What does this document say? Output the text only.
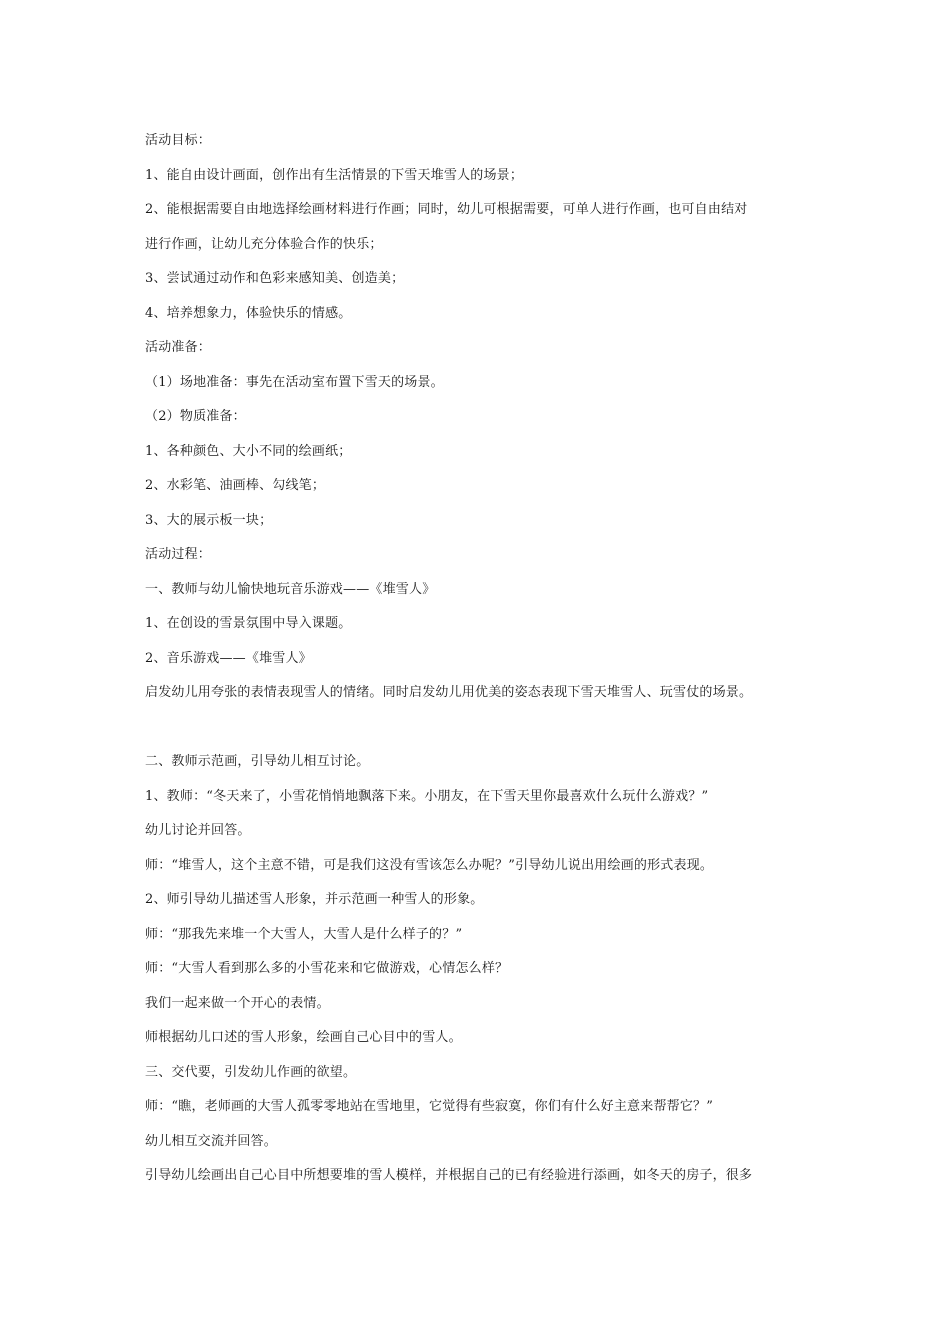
活动目标：
1、能自由设计画面，创作出有生活情景的下雪天堆雪人的场景；
2、能根据需要自由地选择绘画材料进行作画；同时，幼儿可根据需要，可单人进行作画，也可自由结对
进行作画，让幼儿充分体验合作的快乐；
3、尝试通过动作和色彩来感知美、创造美；
4、培养想象力，体验快乐的情感。
活动准备：
（1）场地准备：事先在活动室布置下雪天的场景。
（2）物质准备：
1、各种颜色、大小不同的绘画纸；
2、水彩笔、油画棒、勾线笔；
3、大的展示板一块；
活动过程：
一、教师与幼儿愉快地玩音乐游戏——《堆雪人》
1、在创设的雪景氛围中导入课题。
2、音乐游戏——《堆雪人》
启发幼儿用夸张的表情表现雪人的情绪。同时启发幼儿用优美的姿态表现下雪天堆雪人、玩雪仗的场景。
二、教师示范画，引导幼儿相互讨论。
1、教师：“冬天来了，小雪花悄悄地飘落下来。小朋友，在下雪天里你最喜欢什么玩什么游戏？”
幼儿讨论并回答。
师：“堆雪人，这个主意不错，可是我们这没有雪该怎么办呢？”引导幼儿说出用绘画的形式表现。
2、师引导幼儿描述雪人形象，并示范画一种雪人的形象。
师：“那我先来堆一个大雪人，大雪人是什么样子的？”
师：“大雪人看到那么多的小雪花来和它做游戏，心情怎么样？
我们一起来做一个开心的表情。
师根据幼儿口述的雪人形象，绘画自己心目中的雪人。
三、交代要，引发幼儿作画的欲望。
师：“瞧，老师画的大雪人孤零零地站在雪地里，它觉得有些寂寞，你们有什么好主意来帮帮它？”
幼儿相互交流并回答。
引导幼儿绘画出自己心目中所想要堆的雪人模样，并根据自己的已有经验进行添画，如冬天的房子，很多
